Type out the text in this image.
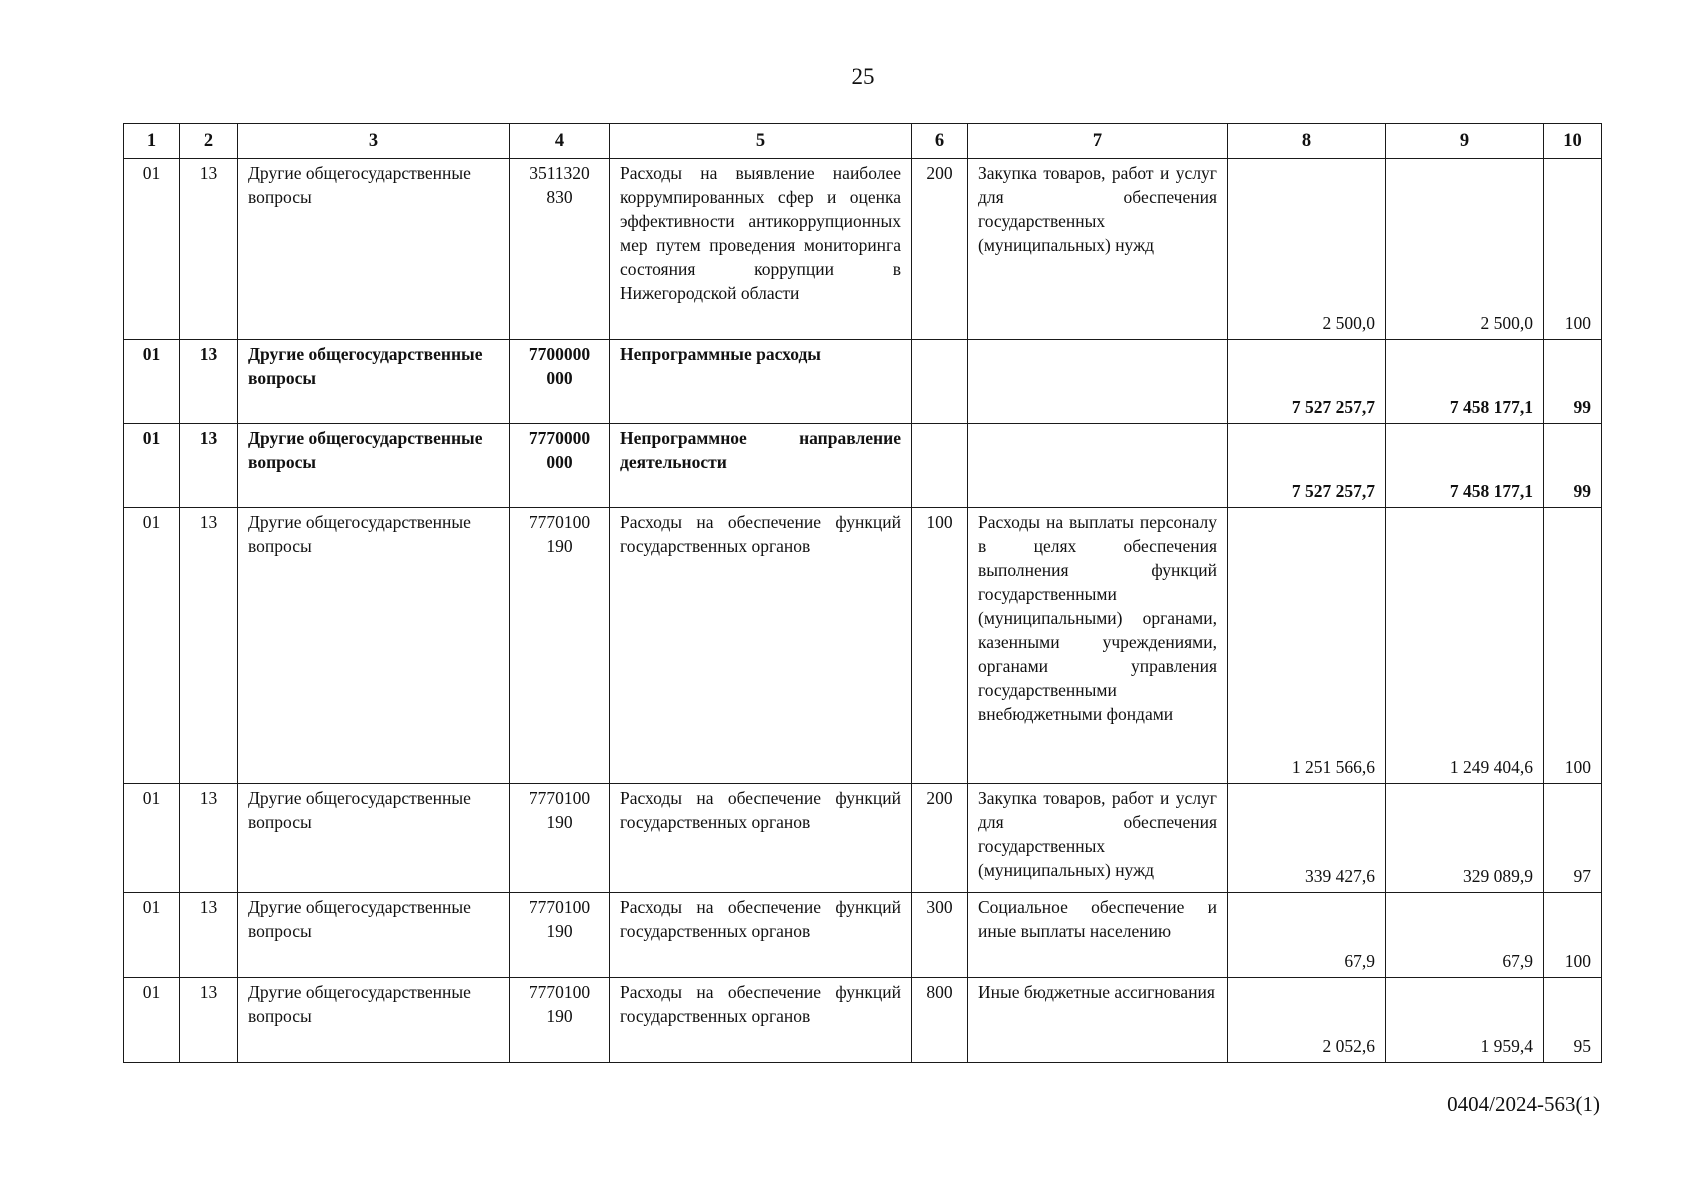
25
1	2	3	4	5	6	7	8	9	10
01	13	Другие общегосударственные вопросы	3511320 830	Расходы на выявление наиболее коррумпированных сфер и оценка эффективности антикоррупционных мер путем проведения мониторинга состояния коррупции в Нижегородской области	200	Закупка товаров, работ и услуг для обеспечения государственных (муниципальных) нужд	2 500,0	2 500,0	100
01	13	Другие общегосударственные вопросы	7700000 000	Непрограммные расходы			7 527 257,7	7 458 177,1	99
01	13	Другие общегосударственные вопросы	7770000 000	Непрограммное направление деятельности			7 527 257,7	7 458 177,1	99
01	13	Другие общегосударственные вопросы	7770100 190	Расходы на обеспечение функций государственных органов	100	Расходы на выплаты персоналу в целях обеспечения выполнения функций государственными (муниципальными) органами, казенными учреждениями, органами управления государственными внебюджетными фондами	1 251 566,6	1 249 404,6	100
01	13	Другие общегосударственные вопросы	7770100 190	Расходы на обеспечение функций государственных органов	200	Закупка товаров, работ и услуг для обеспечения государственных (муниципальных) нужд	339 427,6	329 089,9	97
01	13	Другие общегосударственные вопросы	7770100 190	Расходы на обеспечение функций государственных органов	300	Социальное обеспечение и иные выплаты населению	67,9	67,9	100
01	13	Другие общегосударственные вопросы	7770100 190	Расходы на обеспечение функций государственных органов	800	Иные бюджетные ассигнования	2 052,6	1 959,4	95
0404/2024-563(1)
